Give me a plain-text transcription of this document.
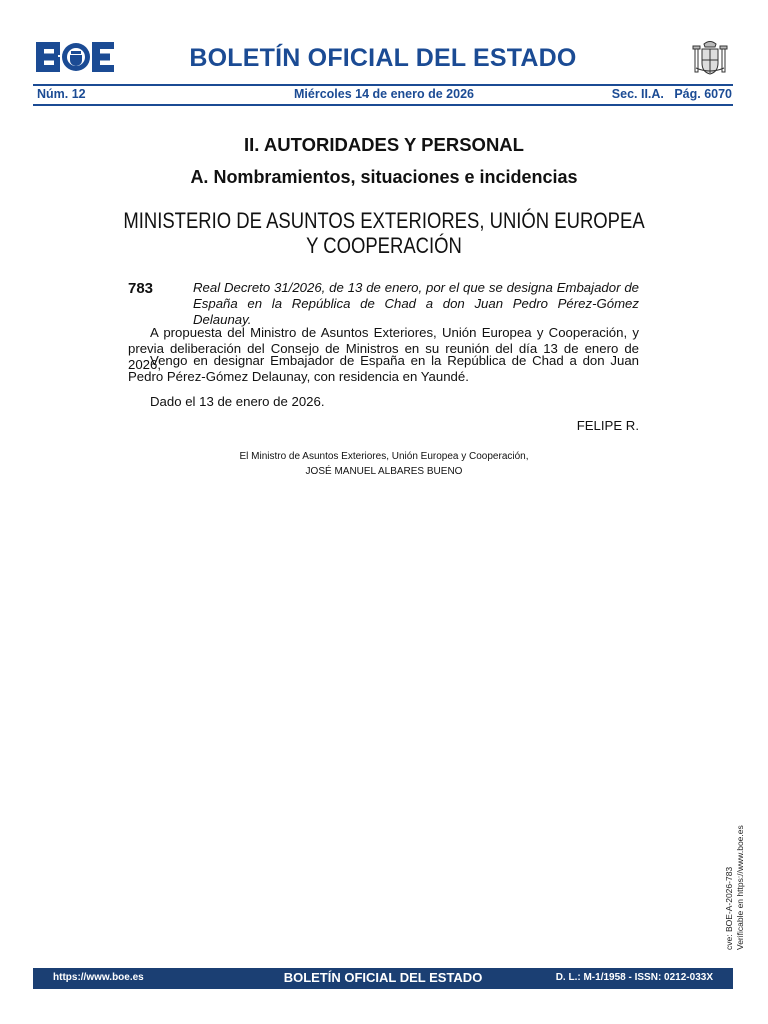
BOLETÍN OFICIAL DEL ESTADO
Núm. 12	Miércoles 14 de enero de 2026	Sec. II.A.   Pág. 6070
II. AUTORIDADES Y PERSONAL
A. Nombramientos, situaciones e incidencias
MINISTERIO DE ASUNTOS EXTERIORES, UNIÓN EUROPEA
Y COOPERACIÓN
783	Real Decreto 31/2026, de 13 de enero, por el que se designa Embajador de España en la República de Chad a don Juan Pedro Pérez-Gómez Delaunay.
A propuesta del Ministro de Asuntos Exteriores, Unión Europea y Cooperación, y previa deliberación del Consejo de Ministros en su reunión del día 13 de enero de 2026,
Vengo en designar Embajador de España en la República de Chad a don Juan Pedro Pérez-Gómez Delaunay, con residencia en Yaundé.
Dado el 13 de enero de 2026.
FELIPE R.
El Ministro de Asuntos Exteriores, Unión Europea y Cooperación,
JOSÉ MANUEL ALBARES BUENO
cve: BOE-A-2026-783 Verificable en https://www.boe.es
https://www.boe.es	BOLETÍN OFICIAL DEL ESTADO	D. L.: M-1/1958 - ISSN: 0212-033X
